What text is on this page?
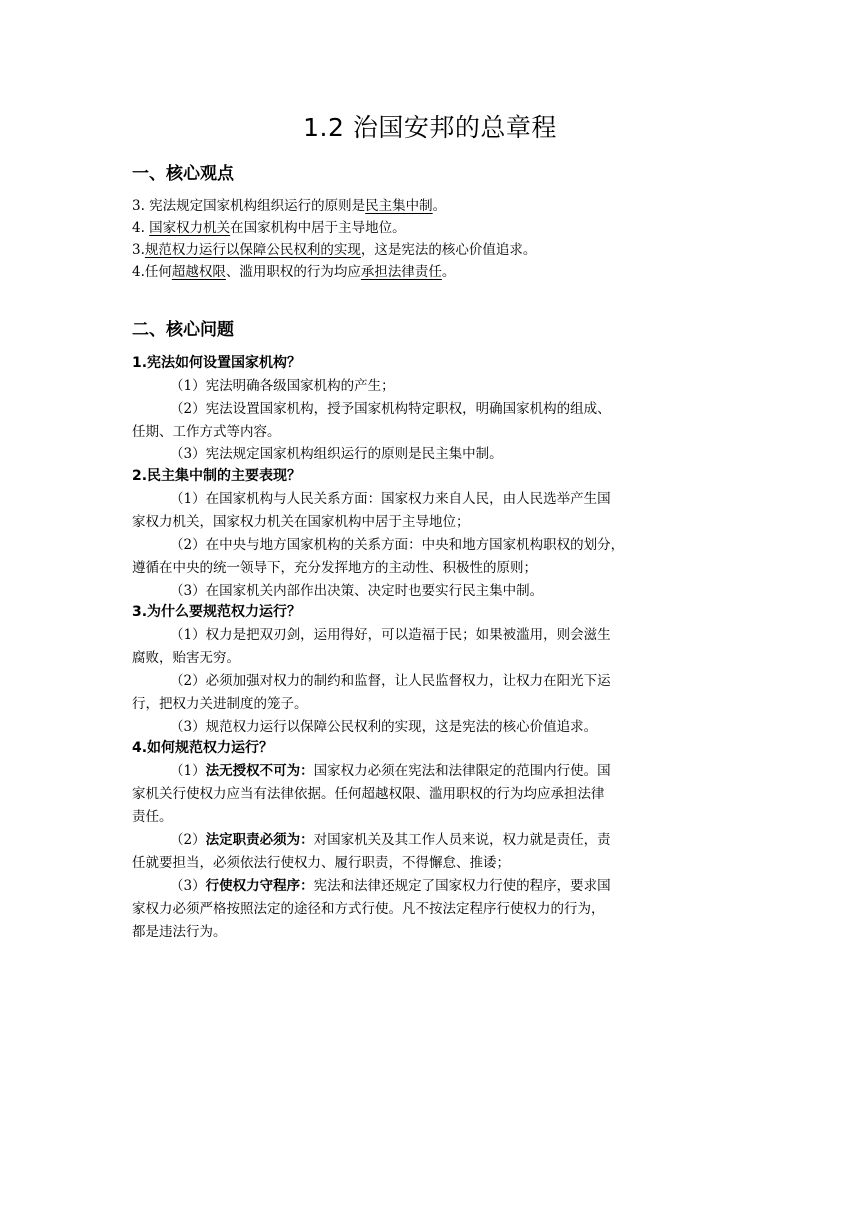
1.2 治国安邦的总章程
一、核心观点
3. 宪法规定国家机构组织运行的原则是民主集中制。
4. 国家权力机关在国家机构中居于主导地位。
3.规范权力运行以保障公民权利的实现，这是宪法的核心价值追求。
4.任何超越权限、滥用职权的行为均应承担法律责任。
二、核心问题
1.宪法如何设置国家机构？
（1）宪法明确各级国家机构的产生；
（2）宪法设置国家机构，授予国家机构特定职权，明确国家机构的组成、
任期、工作方式等内容。
（3）宪法规定国家机构组织运行的原则是民主集中制。
2.民主集中制的主要表现？
（1）在国家机构与人民关系方面：国家权力来自人民，由人民选举产生国
家权力机关，国家权力机关在国家机构中居于主导地位；
（2）在中央与地方国家机构的关系方面：中央和地方国家机构职权的划分，
遵循在中央的统一领导下，充分发挥地方的主动性、积极性的原则；
（3）在国家机关内部作出决策、决定时也要实行民主集中制。
3.为什么要规范权力运行？
（1）权力是把双刃剑，运用得好，可以造福于民；如果被滥用，则会滋生
腐败，贻害无穷。
（2）必须加强对权力的制约和监督，让人民监督权力，让权力在阳光下运
行，把权力关进制度的笼子。
（3）规范权力运行以保障公民权利的实现，这是宪法的核心价值追求。
4.如何规范权力运行？
（1）法无授权不可为：国家权力必须在宪法和法律限定的范围内行使。国
家机关行使权力应当有法律依据。任何超越权限、滥用职权的行为均应承担法律
责任。
（2）法定职责必须为：对国家机关及其工作人员来说，权力就是责任，责
任就要担当，必须依法行使权力、履行职责，不得懈怠、推诿；
（3）行使权力守程序：宪法和法律还规定了国家权力行使的程序，要求国
家权力必须严格按照法定的途径和方式行使。凡不按法定程序行使权力的行为，
都是违法行为。
